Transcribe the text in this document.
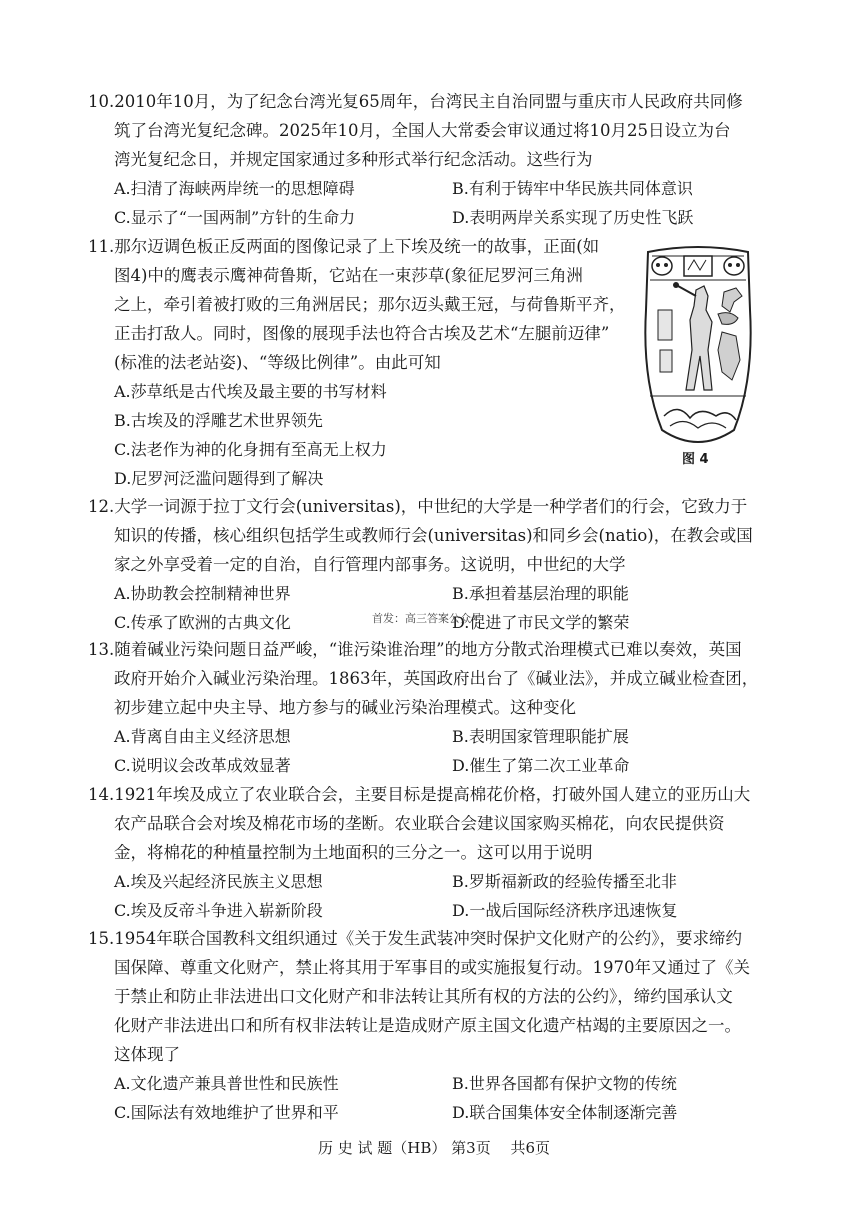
10.2010年10月，为了纪念台湾光复65周年，台湾民主自治同盟与重庆市人民政府共同修
筑了台湾光复纪念碑。2025年10月，全国人大常委会审议通过将10月25日设立为台
湾光复纪念日，并规定国家通过多种形式举行纪念活动。这些行为
A.扫清了海峡两岸统一的思想障碍	B.有利于铸牢中华民族共同体意识
C.显示了“一国两制”方针的生命力	D.表明两岸关系实现了历史性飞跃
11.那尔迈调色板正反两面的图像记录了上下埃及统一的故事，正面(如
图4)中的鹰表示鹰神荷鲁斯，它站在一束莎草(象征尼罗河三角洲
之上，牵引着被打败的三角洲居民；那尔迈头戴王冠，与荷鲁斯平齐，
正击打敌人。同时，图像的展现手法也符合古埃及艺术“左腿前迈律”
(标准的法老站姿)、“等级比例律”。由此可知
A.莎草纸是古代埃及最主要的书写材料
B.古埃及的浮雕艺术世界领先
C.法老作为神的化身拥有至高无上权力
D.尼罗河泛滥问题得到了解决
图 4
12.大学一词源于拉丁文行会(universitas)，中世纪的大学是一种学者们的行会，它致力于
知识的传播，核心组织包括学生或教师行会(universitas)和同乡会(natio)，在教会或国
家之外享受着一定的自治，自行管理内部事务。这说明，中世纪的大学
A.协助教会控制精神世界	B.承担着基层治理的职能
C.传承了欧洲的古典文化	D.促进了市民文学的繁荣
首发：高三答案公众号
13.随着碱业污染问题日益严峻，“谁污染谁治理”的地方分散式治理模式已难以奏效，英国
政府开始介入碱业污染治理。1863年，英国政府出台了《碱业法》，并成立碱业检查团，
初步建立起中央主导、地方参与的碱业污染治理模式。这种变化
A.背离自由主义经济思想	B.表明国家管理职能扩展
C.说明议会改革成效显著	D.催生了第二次工业革命
14.1921年埃及成立了农业联合会，主要目标是提高棉花价格，打破外国人建立的亚历山大
农产品联合会对埃及棉花市场的垄断。农业联合会建议国家购买棉花，向农民提供资
金，将棉花的种植量控制为土地面积的三分之一。这可以用于说明
A.埃及兴起经济民族主义思想	B.罗斯福新政的经验传播至北非
C.埃及反帝斗争进入崭新阶段	D.一战后国际经济秩序迅速恢复
15.1954年联合国教科文组织通过《关于发生武装冲突时保护文化财产的公约》，要求缔约
国保障、尊重文化财产，禁止将其用于军事目的或实施报复行动。1970年又通过了《关
于禁止和防止非法进出口文化财产和非法转让其所有权的方法的公约》，缔约国承认文
化财产非法进出口和所有权非法转让是造成财产原主国文化遗产枯竭的主要原因之一。
这体现了
A.文化遗产兼具普世性和民族性	B.世界各国都有保护文物的传统
C.国际法有效地维护了世界和平	D.联合国集体安全体制逐渐完善
历 史 试 题（HB） 第3页　 共6页
